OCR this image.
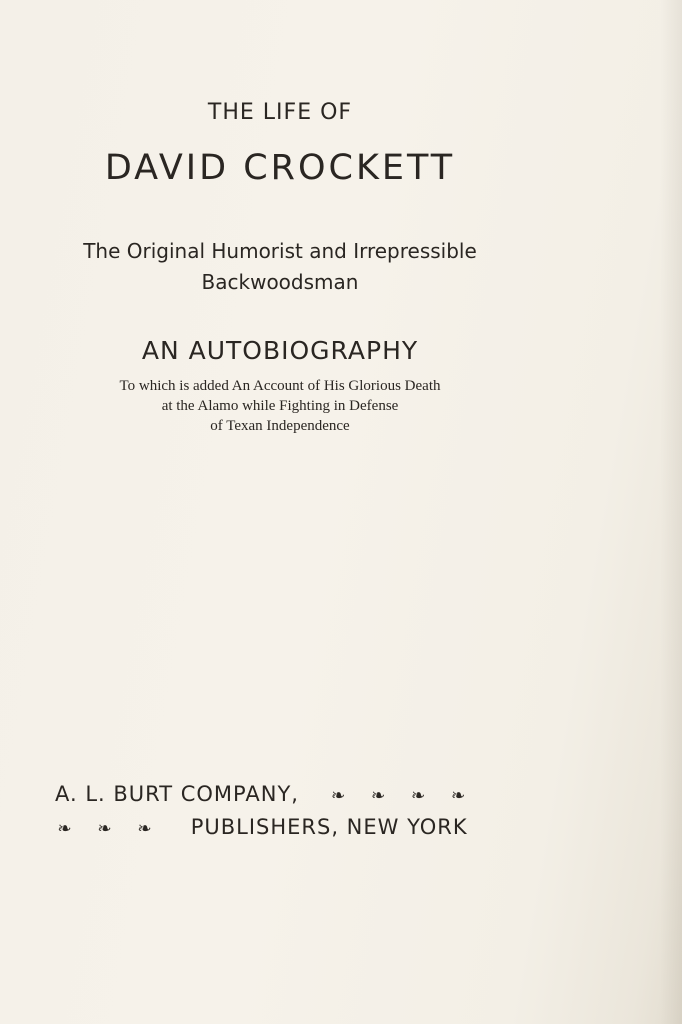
THE LIFE OF
DAVID CROCKETT
The Original Humorist and Irrepressible
Backwoodsman
AN AUTOBIOGRAPHY
To which is added An Account of His Glorious Death
at the Alamo while Fighting in Defense
of Texan Independence
A. L. BURT COMPANY, ❧ ❧ ❧ ❧
❧ ❧ ❧ PUBLISHERS, NEW YORK
